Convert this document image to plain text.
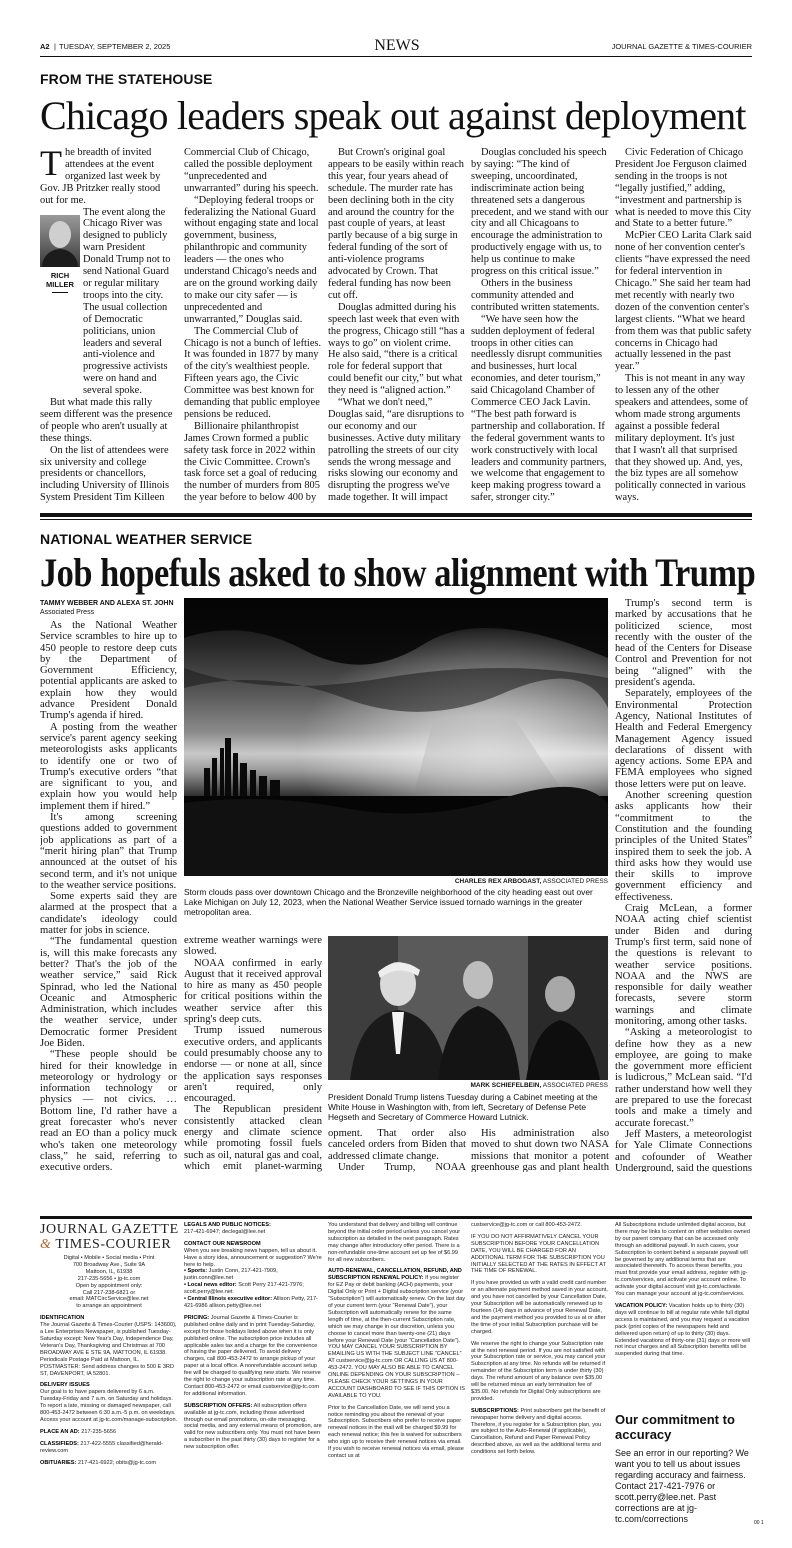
A2 | TUESDAY, SEPTEMBER 2, 2025	NEWS	JOURNAL GAZETTE & TIMES-COURIER
FROM THE STATEHOUSE
Chicago leaders speak out against deployment
RICH MILLER

The breadth of invited attendees at the event organized last week by Gov. JB Pritzker really stood out for me.

The event along the Chicago River was designed to publicly warn President Donald Trump not to send National Guard or regular military troops into the city. The usual collection of Democratic politicians, union leaders and several anti-violence and progressive activists were on hand and several spoke.

But what made this rally seem different was the presence of people who aren't usually at these things.

On the list of attendees were six university and college presidents or chancellors, including University of Illinois System President Tim Killeen

Commercial Club of Chicago, called the possible deployment “unprecedented and unwarranted” during his speech.

“Deploying federal troops or federalizing the National Guard without engaging state and local government, business, philanthropic and community leaders — the ones who understand Chicago's needs and are on the ground working daily to make our city safer — is unprecedented and unwarranted,” Douglas said.

The Commercial Club of Chicago is not a bunch of lefties. It was founded in 1877 by many of the city's wealthiest people. Fifteen years ago, the Civic Committee was best known for demanding that public employee pensions be reduced.

Billionaire philanthropist James Crown formed a public safety task force in 2022 within the Civic Committee. Crown's task force set a goal of reducing the number of murders from 805 the year before to below 400 by

But Crown's original goal appears to be easily within reach this year, four years ahead of schedule. The murder rate has been declining both in the city and around the country for the past couple of years, at least partly because of a big surge in federal funding of the sort of anti-violence programs advocated by Crown. That federal funding has now been cut off.

Douglas admitted during his speech last week that even with the progress, Chicago still “has a ways to go” on violent crime. He also said, “there is a critical role for federal support that could benefit our city,” but what they need is “aligned action.”

“What we don't need,” Douglas said, “are disruptions to our economy and our businesses. Active duty military patrolling the streets of our city sends the wrong message and risks slowing our economy and disrupting the progress we've made together. It will impact

Douglas concluded his speech by saying: “The kind of sweeping, uncoordinated, indiscriminate action being threatened sets a dangerous precedent, and we stand with our city and all Chicagoans to encourage the administration to productively engage with us, to help us continue to make progress on this critical issue.”

Others in the business community attended and contributed written statements.

“We have seen how the sudden deployment of federal troops in other cities can needlessly disrupt communities and businesses, hurt local economies, and deter tourism,” said Chicagoland Chamber of Commerce CEO Jack Lavin. “The best path forward is partnership and collaboration. If the federal government wants to work constructively with local leaders and community partners, we welcome that engagement to keep making progress toward a safer, stronger city.”

Civic Federation of Chicago President Joe Ferguson claimed sending in the troops is not “legally justified,” adding, “investment and partnership is what is needed to move this City and State to a better future.”

McPier CEO Larita Clark said none of her convention center's clients “have expressed the need for federal intervention in Chicago.” She said her team had met recently with nearly two dozen of the convention center's largest clients. “What we heard from them was that public safety concerns in Chicago had actually lessened in the past year.”

This is not meant in any way to lessen any of the other speakers and attendees, some of whom made strong arguments against a possible federal military deployment. It's just that I wasn't all that surprised that they showed up. And, yes, the biz types are all somehow politically connected in various ways.

NATIONAL WEATHER SERVICE
Job hopefuls asked to show alignment with Trump
TAMMY WEBBER AND ALEXA ST. JOHN
Associated Press

As the National Weather Service scrambles to hire up to 450 people to restore deep cuts by the Department of Government Efficiency, potential applicants are asked to explain how they would advance President Donald Trump's agenda if hired.

A posting from the weather service's parent agency seeking meteorologists asks applicants to identify one or two of Trump's executive orders “that are significant to you, and explain how you would help implement them if hired.”

It's among screening questions added to government job applications as part of a “merit hiring plan” that Trump announced at the outset of his second term, and it's not unique to the weather service positions.

Some experts said they are alarmed at the prospect that a candidate's ideology could matter for jobs in science.

“The fundamental question is, will this make forecasts any better? That's the job of the weather service,” said Rick Spinrad, who led the National Oceanic and Atmospheric Administration, which includes the weather service, under Democratic former President Joe Biden.

“These people should be hired for their knowledge in meteorology or hydrology or information technology or physics — not civics. … Bottom line, I'd rather have a great forecaster who's never read an EO than a policy muck who's taken one meteorology class,” he said, referring to executive orders.

CHARLES REX ARBOGAST, ASSOCIATED PRESS
Storm clouds pass over downtown Chicago and the Bronzeville neighborhood of the city heading east out over Lake Michigan on July 12, 2023, when the National Weather Service issued tornado warnings in the greater metropolitan area.

extreme weather warnings were slowed.

NOAA confirmed in early August that it received approval to hire as many as 450 people for critical positions within the weather service after this spring's deep cuts.

Trump issued numerous executive orders, and applicants could presumably choose any to endorse — or none at all, since the application says responses aren't required, only encouraged.

The Republican president consistently attacked clean energy and climate science while promoting fossil fuels such as oil, natural gas and coal, which emit planet-warming

MARK SCHIEFELBEIN, ASSOCIATED PRESS
President Donald Trump listens Tuesday during a Cabinet meeting at the White House in Washington with, from left, Secretary of Defense Pete Hegseth and Secretary of Commerce Howard Lutnick.

opment. That order also canceled orders from Biden that addressed climate change.

Under Trump, NOAA

His administration also moved to shut down two NASA missions that monitor a potent greenhouse gas and plant health

Trump's second term is marked by accusations that he politicized science, most recently with the ouster of the head of the Centers for Disease Control and Prevention for not being “aligned” with the president's agenda.

Separately, employees of the Environmental Protection Agency, National Institutes of Health and Federal Emergency Management Agency issued declarations of dissent with agency actions. Some EPA and FEMA employees who signed those letters were put on leave.

Another screening question asks applicants how their “commitment to the Constitution and the founding principles of the United States” inspired them to seek the job. A third asks how they would use their skills to improve government efficiency and effectiveness.

Craig McLean, a former NOAA acting chief scientist under Biden and during Trump's first term, said none of the questions is relevant to weather service positions. NOAA and the NWS are responsible for daily weather forecasts, severe storm warnings and climate monitoring, among other tasks.

“Asking a meteorologist to define how they as a new employee, are going to make the government more efficient is ludicrous,” McLean said. “I'd rather understand how well they are prepared to use the forecast tools and make a timely and accurate forecast.”

Jeff Masters, a meteorologist for Yale Climate Connections and cofounder of Weather Underground, said the questions

JOURNAL GAZETTE
& TIMES-COURIER

Digital • Mobile • Social media • Print
700 Broadway Ave., Suite 9A
Mattoon, IL, 61938
217-235-5656 • jg-tc.com
Open by appointment only:
Call 217-238-6821 or
email: MATCircService@lee.net
to arrange an appointment

IDENTIFICATION
The Journal Gazette & Times-Courier (USPS: 143600), a Lee Enterprises Newspaper, is published Tuesday-Saturday except: New Year's Day, Independence Day, Veteran's Day, Thanksgiving and Christmas at 700 BROADWAY AVE E STE 9A, MATTOON, IL 61938. Periodicals Postage Paid at Mattoon, IL. POSTMASTER: Send address changes to 500 E 3RD ST, DAVENPORT, IA 52801.

DELIVERY ISSUES
Our goal is to have papers delivered by 6 a.m. Tuesday-Friday and 7 a.m. on Saturday and holidays. To report a late, missing or damaged newspaper, call 800-453-2472 between 6:30 a.m.-5 p.m. on weekdays. Access your account at jg-tc.com/manage-subscription.

PLACE AN AD: 217-235-5656

CLASSIFIEDS: 217-422-5555 classified@herald-review.com

OBITUARIES: 217-421-6922; obits@jg-tc.com

LEGALS AND PUBLIC NOTICES:
217-421-6947; declegal@lee.net

CONTACT OUR NEWSROOM
When you see breaking news happen, tell us about it. Have a story idea, announcement or suggestion? We're here to help.
• Sports: Justin Conn, 217-421-7909, justin.conn@lee.net
• Local news editor: Scott Perry 217-421-7976; scott.perry@lee.net
• Central Illinois executive editor: Allison Petty, 217-421-6986 allison.petty@lee.net

PRICING: Journal Gazette & Times-Courier is published online daily and in print Tuesday-Saturday, except for those holidays listed above when it is only published online. The subscription price includes all applicable sales tax and a charge for the convenience of having the paper delivered. To avoid delivery charges, call 800-453-2472 to arrange pickup of your paper at a local office. A nonrefundable account setup fee will be charged to qualifying new starts. We reserve the right to change your subscription rate at any time. Contact 800-453-2472 or email custservice@jg-tc.com for additional information.

SUBSCRIPTION OFFERS: All subscription offers available at jg-tc.com, including those advertised through our email promotions, on-site messaging, social media, and any external means of promotion, are valid for new subscribers only. You must not have been a subscriber in the past thirty (30) days to register for a new subscription offer.

You understand that delivery and billing will continue beyond the initial order period unless you cancel your subscription as detailed in the next paragraph. Rates may change after introductory offer period. There is a non-refundable one-time account set up fee of $6.99 for all new subscribers.

AUTO-RENEWAL, CANCELLATION, REFUND, AND SUBSCRIPTION RENEWAL POLICY: If you register for EZ Pay or debit banking (ACH) payments, your Digital Only or Print + Digital subscription service (your “Subscription”) will automatically renew. On the last day of your current term (your “Renewal Date”), your Subscription will automatically renew for the same length of time, at the then-current Subscription rate, which we may change in our discretion, unless you choose to cancel more than twenty-one (21) days before your Renewal Date (your “Cancellation Date”). YOU MAY CANCEL YOUR SUBSCRIPTION BY EMAILING US WITH THE SUBJECT LINE “CANCEL” AT custservice@jg-tc.com OR CALLING US AT 800-453-2472. YOU MAY ALSO BE ABLE TO CANCEL ONLINE DEPENDING ON YOUR SUBSCRIPTION – PLEASE CHECK YOUR SETTINGS IN YOUR ACCOUNT DASHBOARD TO SEE IF THIS OPTION IS AVAILABLE TO YOU.

Prior to the Cancellation Date, we will send you a notice reminding you about the renewal of your Subscription. Subscribers who prefer to receive paper renewal notices in the mail will be charged $9.99 for each renewal notice; this fee is waived for subscribers who sign up to receive their renewal notices via email. If you wish to receive renewal notices via email, please contact us at

custservice@jg-tc.com or call 800-453-2472.

IF YOU DO NOT AFFIRMATIVELY CANCEL YOUR SUBSCRIPTION BEFORE YOUR CANCELLATION DATE, YOU WILL BE CHARGED FOR AN ADDITIONAL TERM FOR THE SUBSCRIPTION YOU INITIALLY SELECTED AT THE RATES IN EFFECT AT THE TIME OF RENEWAL.

If you have provided us with a valid credit card number or an alternate payment method saved in your account, and you have not cancelled by your Cancellation Date, your Subscription will be automatically renewed up to fourteen (14) days in advance of your Renewal Date, and the payment method you provided to us at or after the time of your initial Subscription purchase will be charged.

We reserve the right to change your Subscription rate at the next renewal period. If you are not satisfied with your Subscription rate or service, you may cancel your Subscription at any time. No refunds will be returned if remainder of the Subscription term is under thirty (30) days. The refund amount of any balance over $35.00 will be returned minus an early termination fee of $35.00. No refunds for Digital Only subscriptions are provided.

SUBSCRIPTIONS: Print subscribers get the benefit of newspaper home delivery and digital access. Therefore, if you register for a Subscription plan, you are subject to the Auto-Renewal (if applicable), Cancellation, Refund and Paper Renewal Policy described above, as well as the additional terms and conditions set forth below.

All Subscriptions include unlimited digital access, but there may be links to content on other websites owned by our parent company that can be accessed only through an additional paywall. In such cases, your Subscription to content behind a separate paywall will be governed by any additional terms that are associated therewith. To access these benefits, you must first provide your email address, register with jg-tc.com/services, and activate your account online. To activate your digital account visit jg-tc.com/activate. You can manage your account at jg-tc.com/services.

VACATION POLICY: Vacation holds up to thirty (30) days will continue to bill at regular rate while full digital access is maintained, and you may request a vacation pack (print copies of the newspapers held and delivered upon return) of up to thirty (30) days. Extended vacations of thirty-one (31) days or more will not incur charges and all Subscription benefits will be suspended during that time.

Our commitment to accuracy
See an error in our reporting? We want you to tell us about issues regarding accuracy and fairness. Contact 217-421-7976 or scott.perry@lee.net. Past corrections are at jg-tc.com/corrections	00 1
